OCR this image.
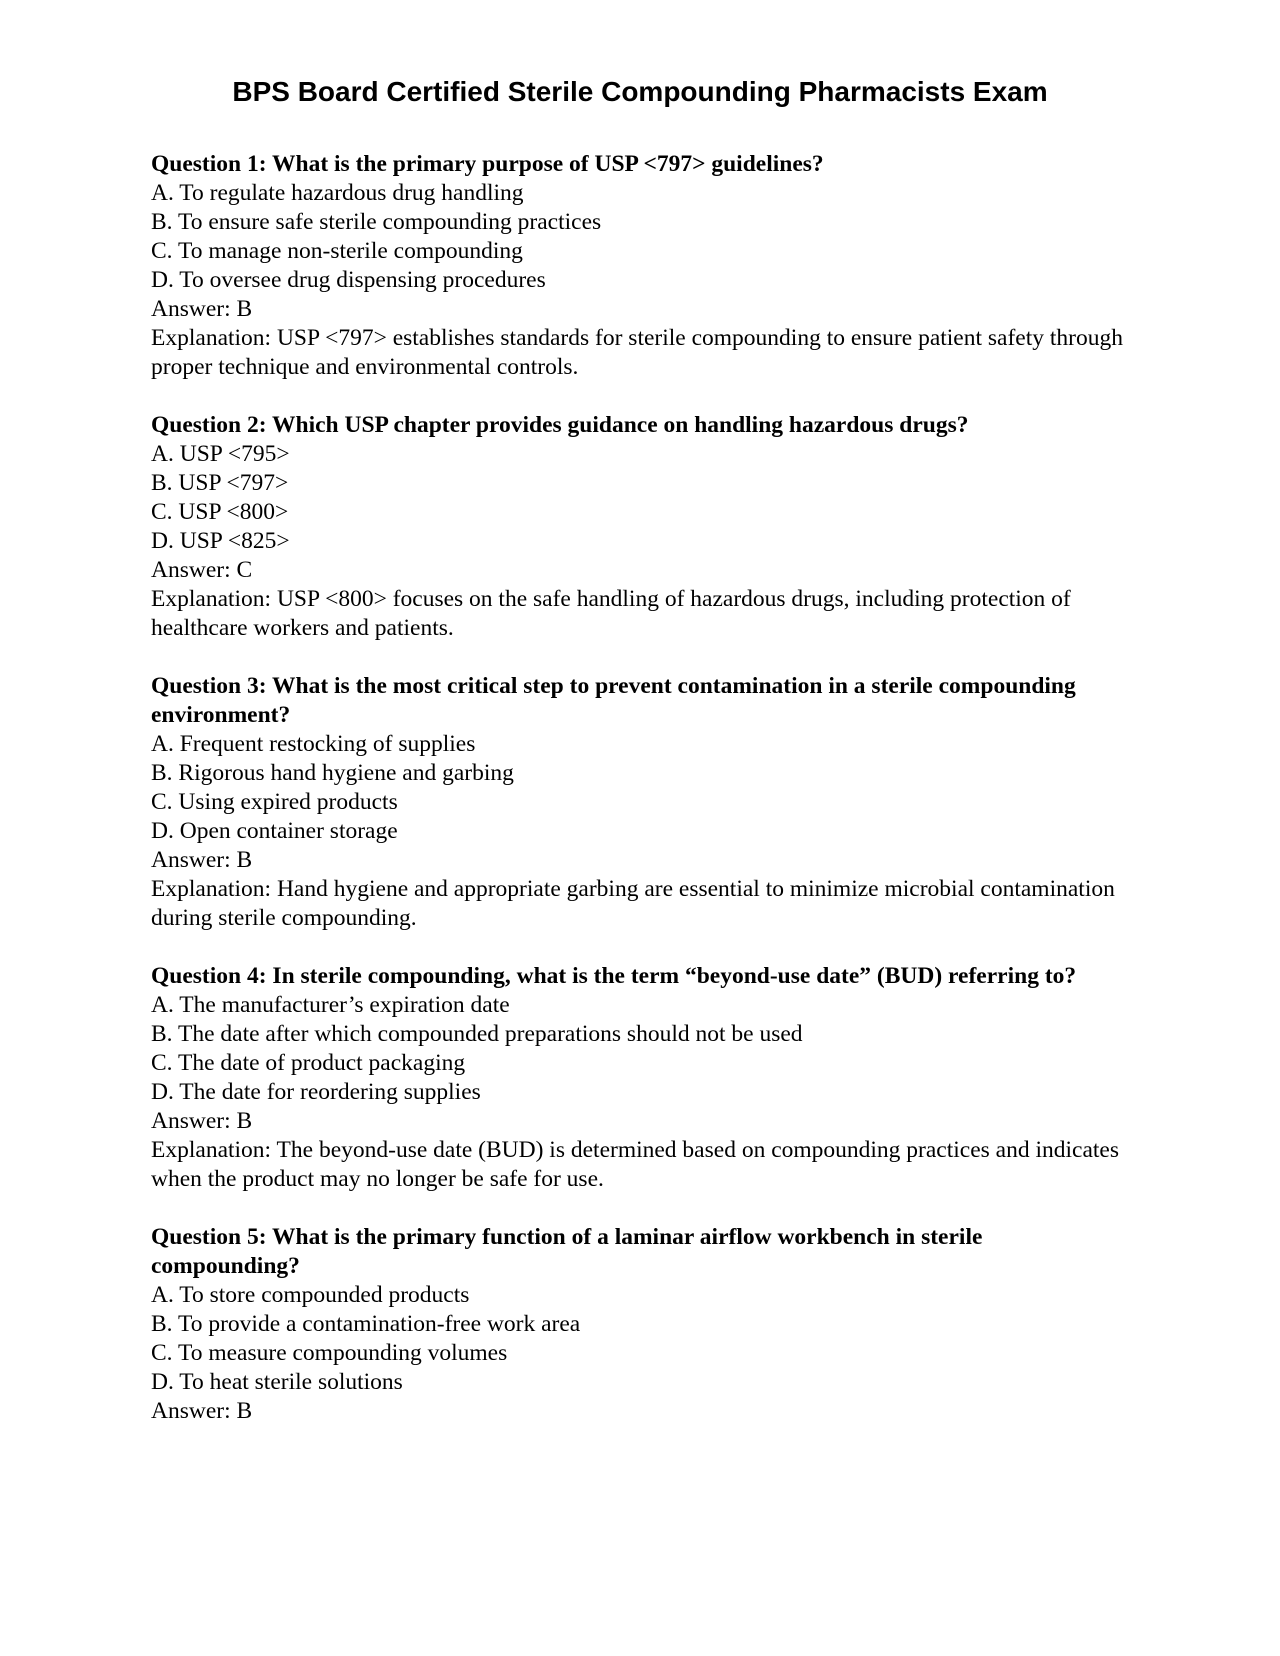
BPS Board Certified Sterile Compounding Pharmacists Exam

Question 1: What is the primary purpose of USP <797> guidelines?

A. To regulate hazardous drug handling

B. To ensure safe sterile compounding practices

C. To manage non-sterile compounding

D. To oversee drug dispensing procedures

Answer: B

Explanation: USP <797> establishes standards for sterile compounding to ensure patient safety through proper technique and environmental controls.

Question 2: Which USP chapter provides guidance on handling hazardous drugs?

A. USP <795>

B. USP <797>

C. USP <800>

D. USP <825>

Answer: C

Explanation: USP <800> focuses on the safe handling of hazardous drugs, including protection of healthcare workers and patients.

Question 3: What is the most critical step to prevent contamination in a sterile compounding environment?

A. Frequent restocking of supplies

B. Rigorous hand hygiene and garbing

C. Using expired products

D. Open container storage

Answer: B

Explanation: Hand hygiene and appropriate garbing are essential to minimize microbial contamination during sterile compounding.

Question 4: In sterile compounding, what is the term “beyond-use date” (BUD) referring to?

A. The manufacturer’s expiration date

B. The date after which compounded preparations should not be used

C. The date of product packaging

D. The date for reordering supplies

Answer: B

Explanation: The beyond-use date (BUD) is determined based on compounding practices and indicates when the product may no longer be safe for use.

Question 5: What is the primary function of a laminar airflow workbench in sterile compounding?

A. To store compounded products

B. To provide a contamination-free work area

C. To measure compounding volumes

D. To heat sterile solutions

Answer: B
